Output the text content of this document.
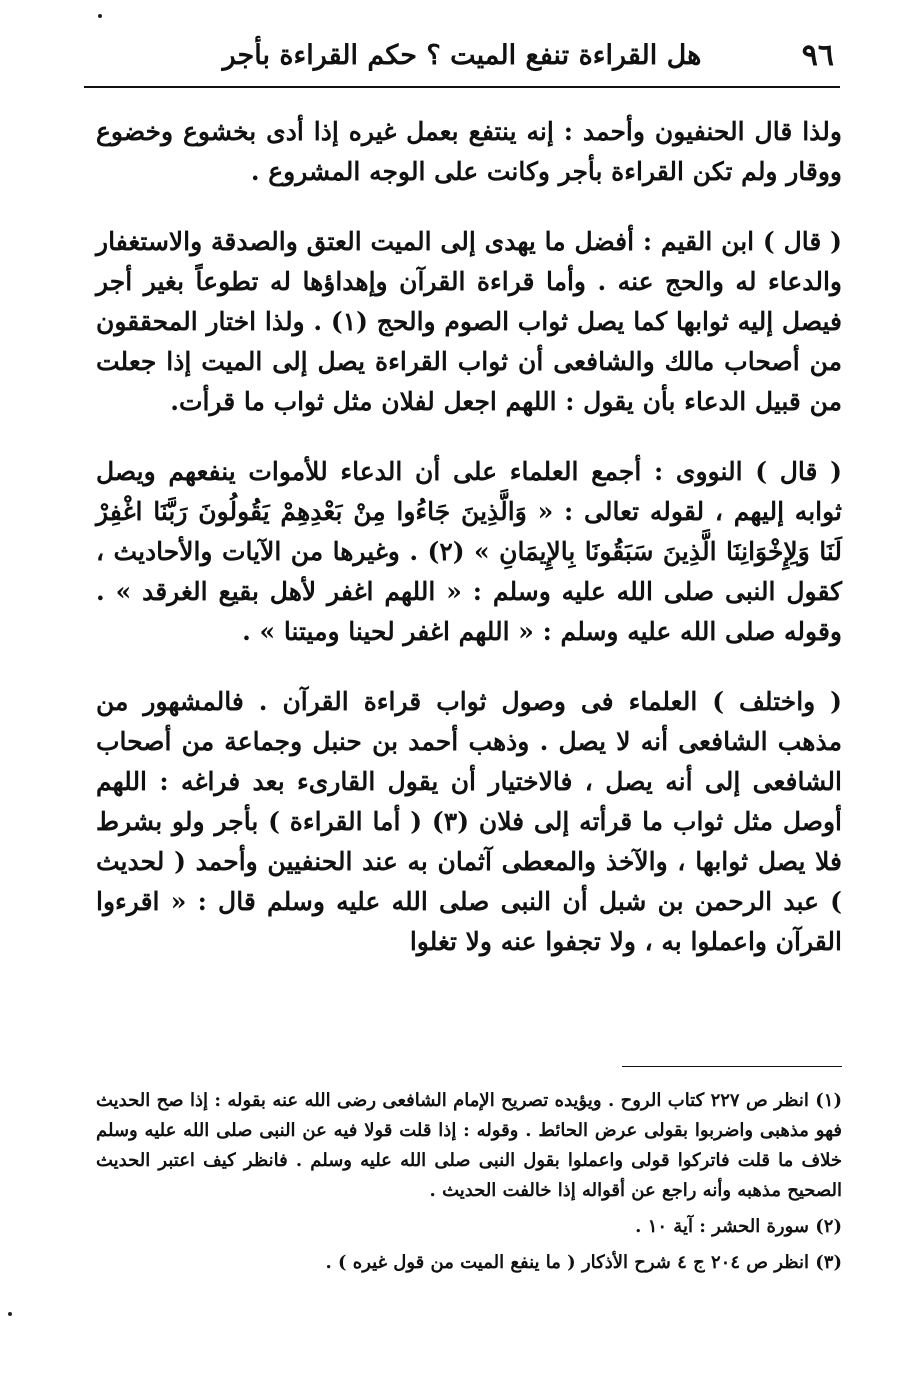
٩٦
هل القراءة تنفع الميت ؟ حكم القراءة بأجر

ولذا قال الحنفيون وأحمد : إنه ينتفع بعمل غيره إذا أدى بخشوع وخضوع ووقار ولم تكن القراءة بأجر وكانت على الوجه المشروع .

( قال ) ابن القيم : أفضل ما يهدى إلى الميت العتق والصدقة والاستغفار والدعاء له والحج عنه . وأما قراءة القرآن وإهداؤها له تطوعاً بغير أجر فيصل إليه ثوابها كما يصل ثواب الصوم والحج (١) . ولذا اختار المحققون من أصحاب مالك والشافعى أن ثواب القراءة يصل إلى الميت إذا جعلت من قبيل الدعاء بأن يقول : اللهم اجعل لفلان مثل ثواب ما قرأت.

( قال ) النووى : أجمع العلماء على أن الدعاء للأموات ينفعهم ويصل ثوابه إليهم ، لقوله تعالى : « وَالَّذِينَ جَاءُوا مِنْ بَعْدِهِمْ يَقُولُونَ رَبَّنَا اغْفِرْ لَنَا وَلِإِخْوَانِنَا الَّذِينَ سَبَقُونَا بِالإِيمَانِ » (٢) . وغيرها من الآيات والأحاديث ، كقول النبى صلى الله عليه وسلم : « اللهم اغفر لأهل بقيع الغرقد » . وقوله صلى الله عليه وسلم : « اللهم اغفر لحينا وميتنا » .

( واختلف ) العلماء فى وصول ثواب قراءة القرآن . فالمشهور من مذهب الشافعى أنه لا يصل . وذهب أحمد بن حنبل وجماعة من أصحاب الشافعى إلى أنه يصل ، فالاختيار أن يقول القارىء بعد فراغه : اللهم أوصل مثل ثواب ما قرأته إلى فلان (٣) ( أما القراءة ) بأجر ولو بشرط فلا يصل ثوابها ، والآخذ والمعطى آثمان به عند الحنفيين وأحمد ( لحديث ) عبد الرحمن بن شبل أن النبى صلى الله عليه وسلم قال : « اقرءوا القرآن واعملوا به ، ولا تجفوا عنه ولا تغلوا

(١) انظر ص ٢٢٧ كتاب الروح . ويؤيده تصريح الإمام الشافعى رضى الله عنه بقوله : إذا صح الحديث فهو مذهبى واضربوا بقولى عرض الحائط . وقوله : إذا قلت قولا فيه عن النبى صلى الله عليه وسلم خلاف ما قلت فاتركوا قولى واعملوا بقول النبى صلى الله عليه وسلم . فانظر كيف اعتبر الحديث الصحيح مذهبه وأنه راجع عن أقواله إذا خالفت الحديث .

(٢) سورة الحشر : آية ١٠ .

(٣) انظر ص ٢٠٤ ج ٤ شرح الأذكار ( ما ينفع الميت من قول غيره ) .
